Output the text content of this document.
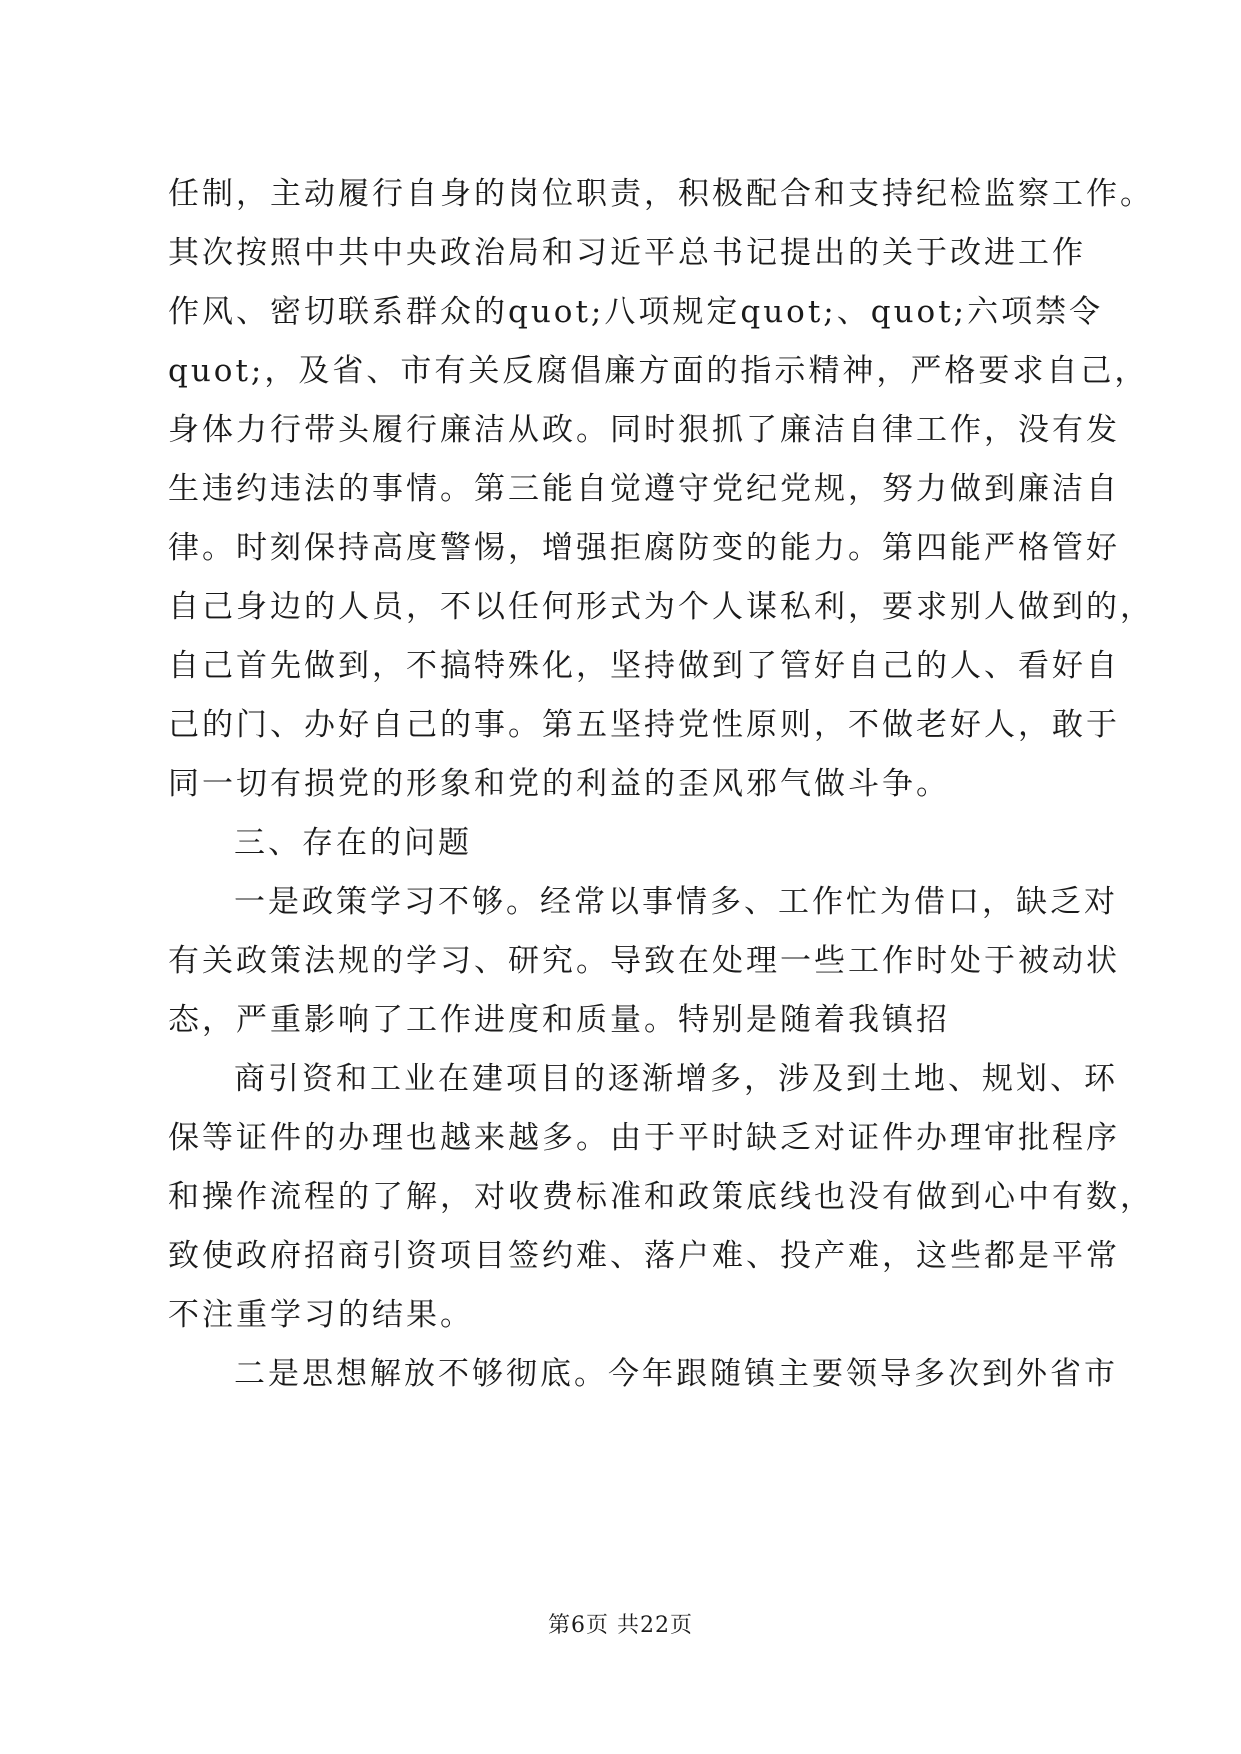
任制，主动履行自身的岗位职责，积极配合和支持纪检监察工作。
其次按照中共中央政治局和习近平总书记提出的关于改进工作
作风、密切联系群众的quot;八项规定quot;、quot;六项禁令
quot;，及省、市有关反腐倡廉方面的指示精神，严格要求自己，
身体力行带头履行廉洁从政。同时狠抓了廉洁自律工作，没有发
生违约违法的事情。第三能自觉遵守党纪党规，努力做到廉洁自
律。时刻保持高度警惕，增强拒腐防变的能力。第四能严格管好
自己身边的人员，不以任何形式为个人谋私利，要求别人做到的，
自己首先做到，不搞特殊化，坚持做到了管好自己的人、看好自
己的门、办好自己的事。第五坚持党性原则，不做老好人，敢于
同一切有损党的形象和党的利益的歪风邪气做斗争。
三、存在的问题
一是政策学习不够。经常以事情多、工作忙为借口，缺乏对
有关政策法规的学习、研究。导致在处理一些工作时处于被动状
态，严重影响了工作进度和质量。特别是随着我镇招
商引资和工业在建项目的逐渐增多，涉及到土地、规划、环
保等证件的办理也越来越多。由于平时缺乏对证件办理审批程序
和操作流程的了解，对收费标准和政策底线也没有做到心中有数，
致使政府招商引资项目签约难、落户难、投产难，这些都是平常
不注重学习的结果。
二是思想解放不够彻底。今年跟随镇主要领导多次到外省市
第6页 共22页
